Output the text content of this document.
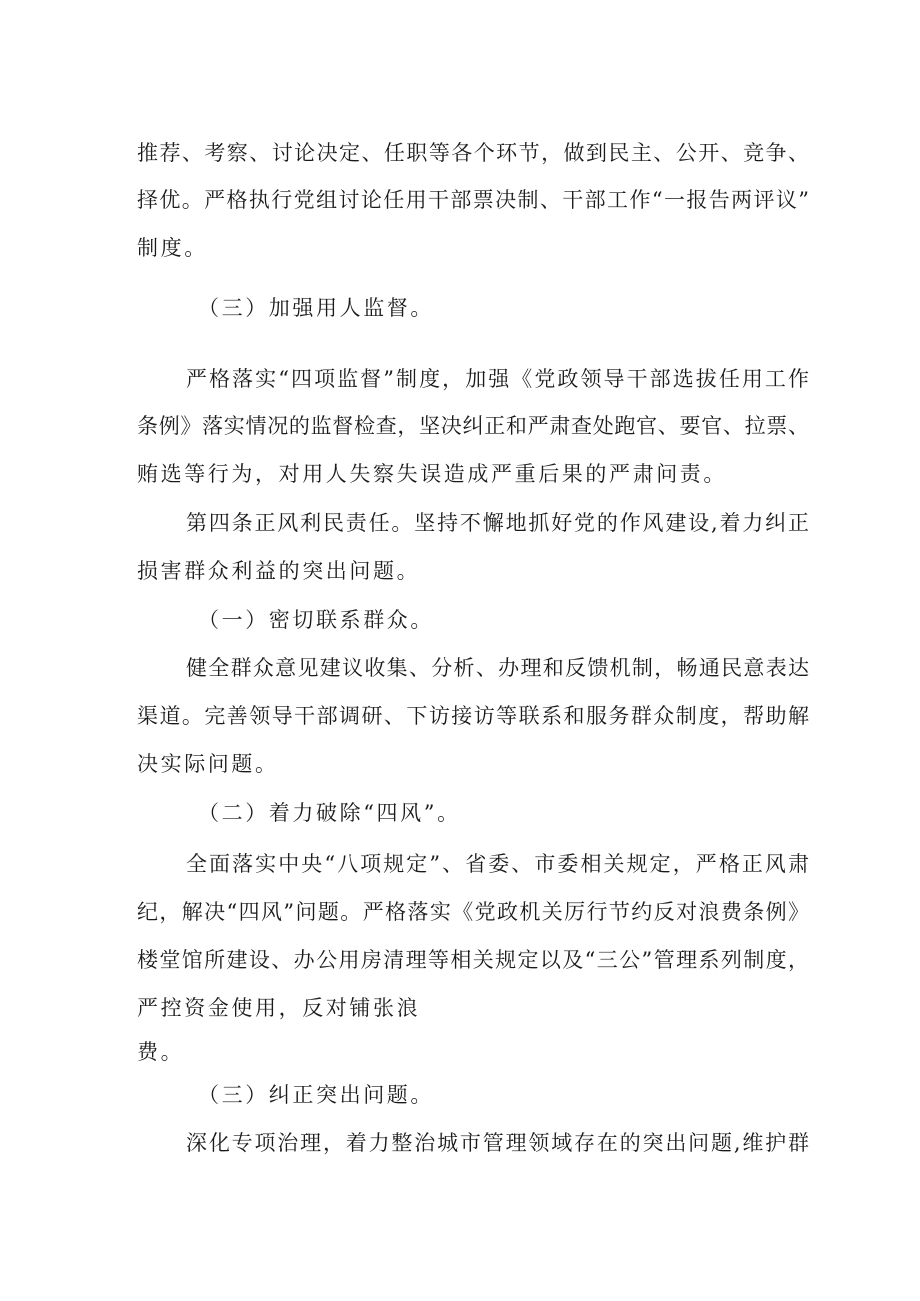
推荐、考察、讨论决定、任职等各个环节，做到民主、公开、竞争、
择优。严格执行党组讨论任用干部票决制、干部工作“一报告两评议”
制度。
（三）加强用人监督。
严格落实“四项监督”制度，加强《党政领导干部选拔任用工作
条例》落实情况的监督检查，坚决纠正和严肃查处跑官、要官、拉票、
贿选等行为，对用人失察失误造成严重后果的严肃问责。
第四条正风利民责任。坚持不懈地抓好党的作风建设,着力纠正
损害群众利益的突出问题。
（一）密切联系群众。
健全群众意见建议收集、分析、办理和反馈机制，畅通民意表达
渠道。完善领导干部调研、下访接访等联系和服务群众制度，帮助解
决实际问题。
（二）着力破除“四风”。
全面落实中央“八项规定”、省委、市委相关规定，严格正风肃
纪，解决“四风”问题。严格落实《党政机关厉行节约反对浪费条例》
楼堂馆所建设、办公用房清理等相关规定以及“三公”管理系列制度，
严控资金使用，反对铺张浪
费。
（三）纠正突出问题。
深化专项治理，着力整治城市管理领域存在的突出问题,维护群
